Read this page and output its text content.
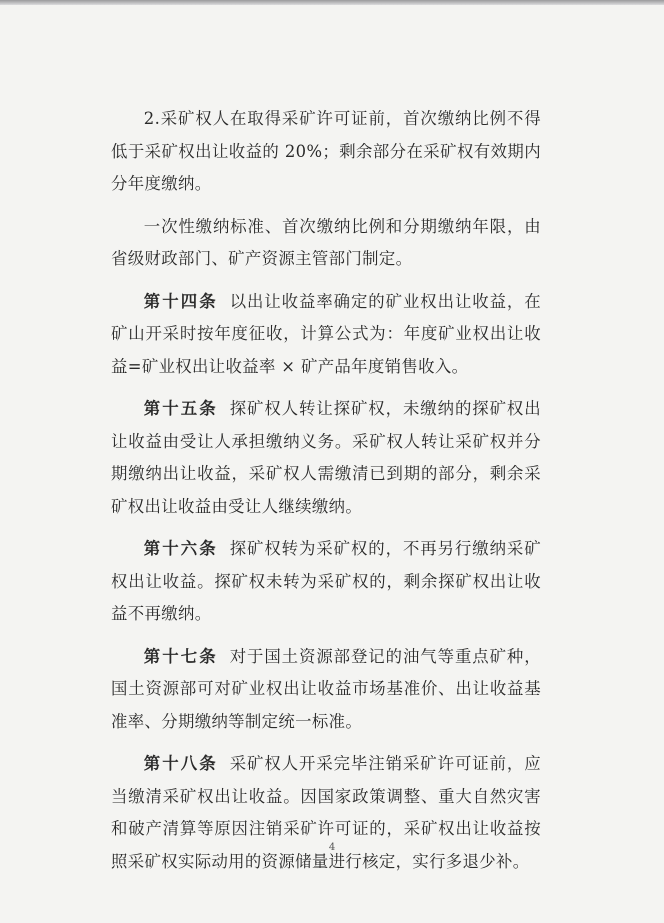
2.采矿权人在取得采矿许可证前，首次缴纳比例不得低于采矿权出让收益的 20%；剩余部分在采矿权有效期内分年度缴纳。

一次性缴纳标准、首次缴纳比例和分期缴纳年限，由省级财政部门、矿产资源主管部门制定。

第十四条 以出让收益率确定的矿业权出让收益，在矿山开采时按年度征收，计算公式为：年度矿业权出让收益=矿业权出让收益率 × 矿产品年度销售收入。

第十五条 探矿权人转让探矿权，未缴纳的探矿权出让收益由受让人承担缴纳义务。采矿权人转让采矿权并分期缴纳出让收益，采矿权人需缴清已到期的部分，剩余采矿权出让收益由受让人继续缴纳。

第十六条 探矿权转为采矿权的，不再另行缴纳采矿权出让收益。探矿权未转为采矿权的，剩余探矿权出让收益不再缴纳。

第十七条 对于国土资源部登记的油气等重点矿种，国土资源部可对矿业权出让收益市场基准价、出让收益基准率、分期缴纳等制定统一标准。

第十八条 采矿权人开采完毕注销采矿许可证前，应当缴清采矿权出让收益。因国家政策调整、重大自然灾害和破产清算等原因注销采矿许可证的，采矿权出让收益按照采矿权实际动用的资源储量进行核定，实行多退少补。

4
